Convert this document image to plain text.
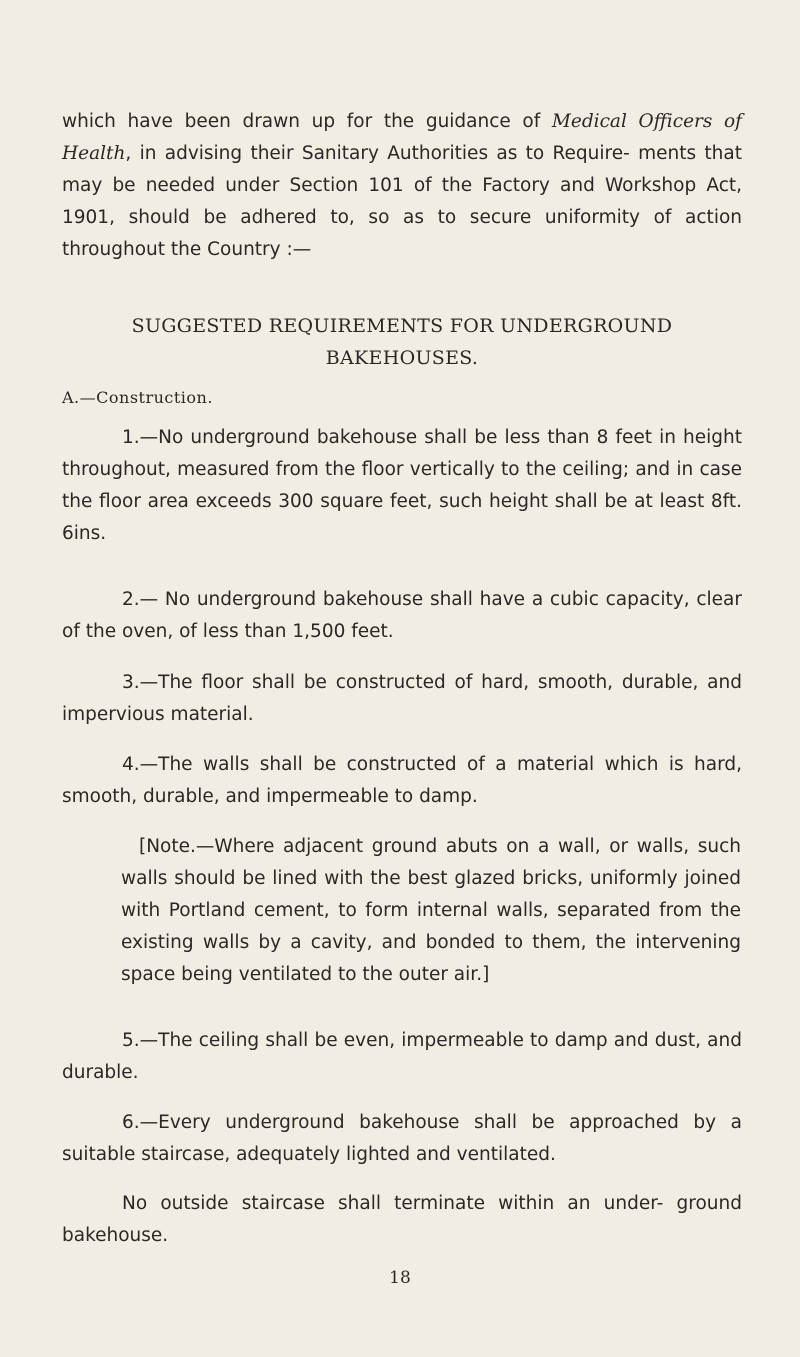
which have been drawn up for the guidance of Medical Officers of Health, in advising their Sanitary Authorities as to Require- ments that may be needed under Section 101 of the Factory and Workshop Act, 1901, should be adhered to, so as to secure uniformity of action throughout the Country :—

SUGGESTED REQUIREMENTS FOR UNDERGROUND BAKEHOUSES.

A.—Construction.

1.—No underground bakehouse shall be less than 8 feet in height throughout, measured from the floor vertically to the ceiling; and in case the floor area exceeds 300 square feet, such height shall be at least 8ft. 6ins.

2.— No underground bakehouse shall have a cubic capacity, clear of the oven, of less than 1,500 feet.

3.—The floor shall be constructed of hard, smooth, durable, and impervious material.

4.—The walls shall be constructed of a material which is hard, smooth, durable, and impermeable to damp.

[Note.—Where adjacent ground abuts on a wall, or walls, such walls should be lined with the best glazed bricks, uniformly joined with Portland cement, to form internal walls, separated from the existing walls by a cavity, and bonded to them, the intervening space being ventilated to the outer air.]

5.—The ceiling shall be even, impermeable to damp and dust, and durable.

6.—Every underground bakehouse shall be approached by a suitable staircase, adequately lighted and ventilated.

No outside staircase shall terminate within an under- ground bakehouse.

18
